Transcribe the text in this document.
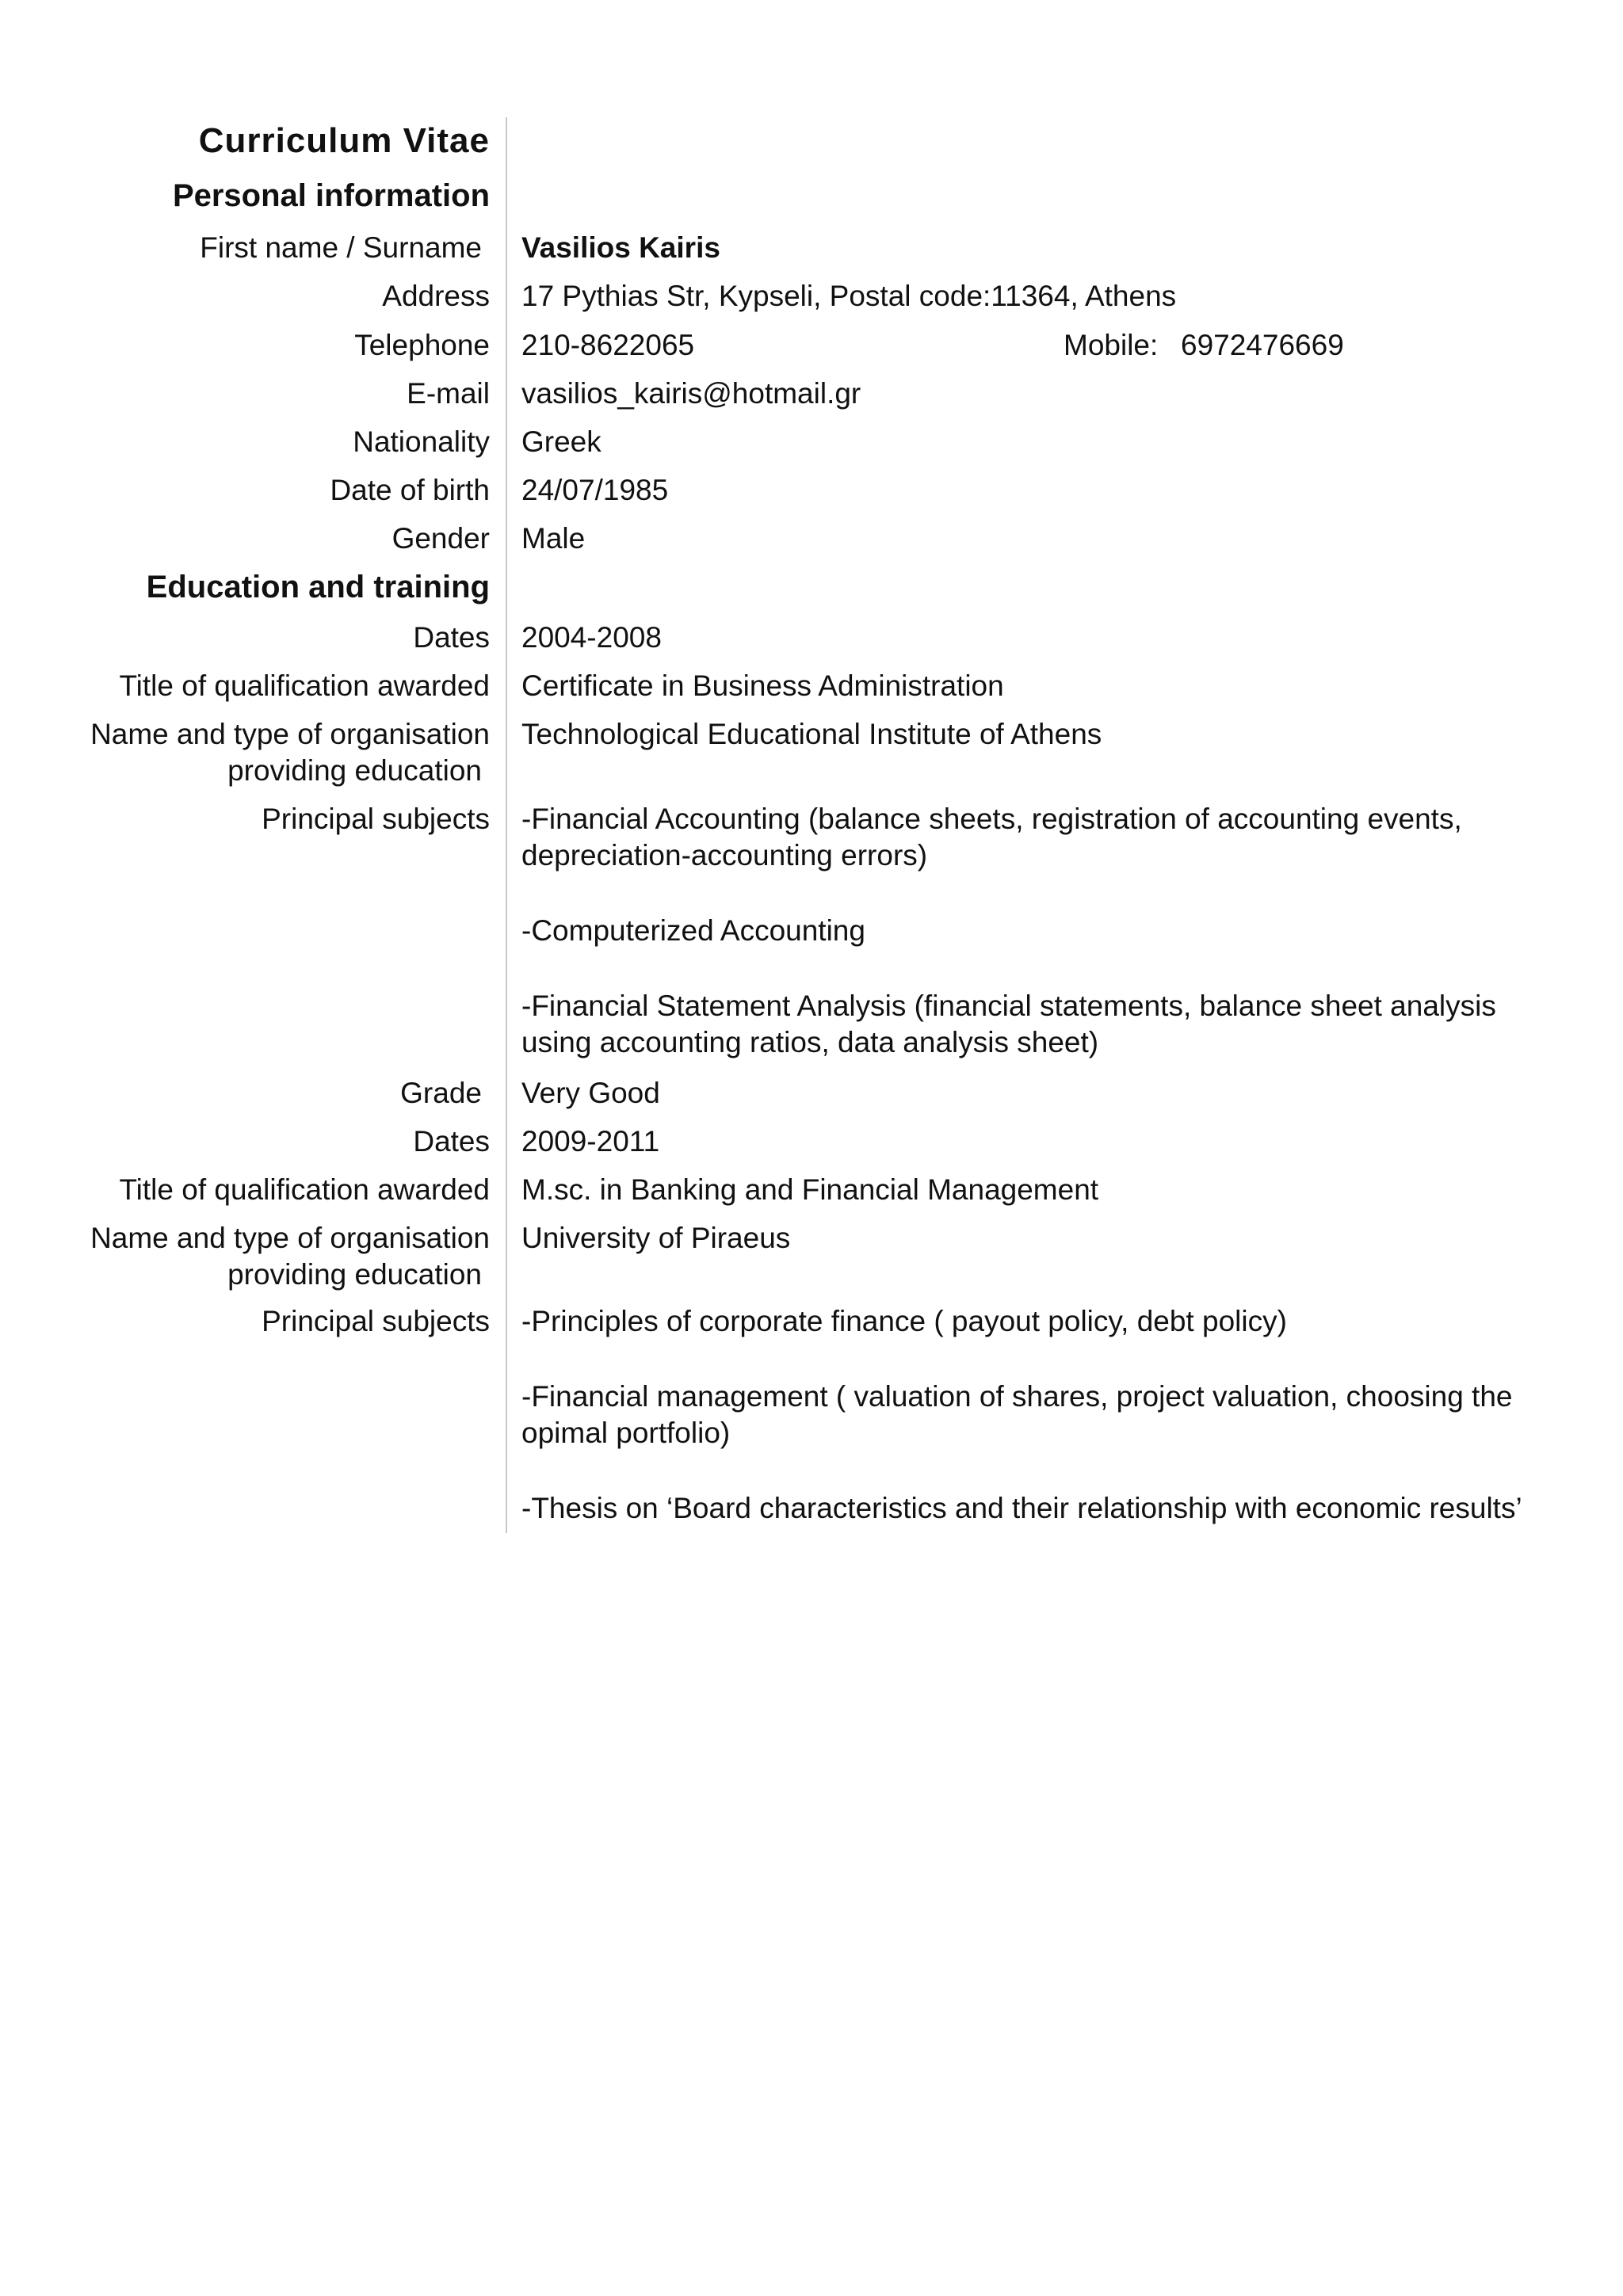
Curriculum Vitae
Personal information
First name / Surname Vasilios Kairis
Address 17 Pythias Str, Kypseli, Postal code:11364, Athens
Telephone 210-8622065	Mobile: 6972476669
E-mail vasilios_kairis@hotmail.gr
Nationality Greek
Date of birth 24/07/1985
Gender Male
Education and training
Dates 2004-2008
Title of qualification awarded Certificate in Business Administration
Name and type of organisation
providing education
Technological Educational Institute of Athens
Principal subjects -Financial Accounting (balance sheets, registration of accounting events, depreciation-accounting errors)

-Computerized Accounting

-Financial Statement Analysis (financial statements, balance sheet analysis using accounting ratios, data analysis sheet)

Grade Very Good
Dates 2009-2011
Title of qualification awarded M.sc. in Banking and Financial Management
Name and type of organisation
providing education
University of Piraeus
Principal subjects -Principles of corporate finance ( payout policy, debt policy)

-Financial management ( valuation of shares, project valuation, choosing the opimal portfolio)

-Thesis on ‘Board characteristics and their relationship with economic results’
